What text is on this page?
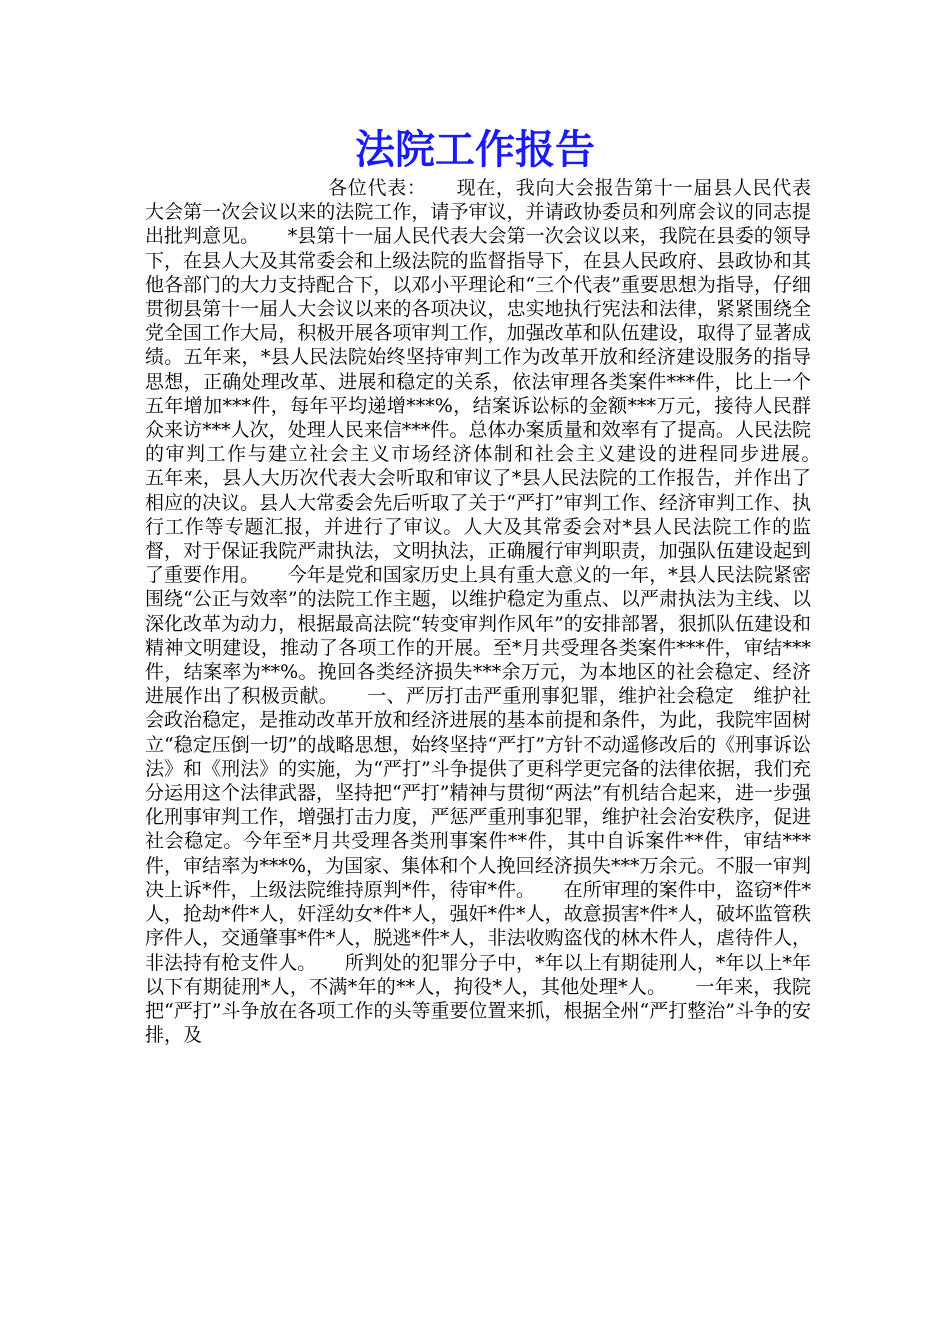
法院工作报告

各位代表：　　现在，我向大会报告第十一届县人民代表大会第一次会议以来的法院工作，请予审议，并请政协委员和列席会议的同志提出批判意见。　　*县第十一届人民代表大会第一次会议以来，我院在县委的领导下，在县人大及其常委会和上级法院的监督指导下，在县人民政府、县政协和其他各部门的大力支持配合下，以邓小平理论和“三个代表”重要思想为指导，仔细贯彻县第十一届人大会议以来的各项决议，忠实地执行宪法和法律，紧紧围绕全党全国工作大局，积极开展各项审判工作，加强改革和队伍建设，取得了显著成绩。五年来，*县人民法院始终坚持审判工作为改革开放和经济建设服务的指导思想，正确处理改革、进展和稳定的关系，依法审理各类案件***件，比上一个五年增加***件，每年平均递增***%，结案诉讼标的金额***万元，接待人民群众来访***人次，处理人民来信***件。总体办案质量和效率有了提高。人民法院的审判工作与建立社会主义市场经济体制和社会主义建设的进程同步进展。　　五年来，县人大历次代表大会听取和审议了*县人民法院的工作报告，并作出了相应的决议。县人大常委会先后听取了关于“严打”审判工作、经济审判工作、执行工作等专题汇报，并进行了审议。人大及其常委会对*县人民法院工作的监督，对于保证我院严肃执法，文明执法，正确履行审判职责，加强队伍建设起到了重要作用。　　今年是党和国家历史上具有重大意义的一年，*县人民法院紧密围绕“公正与效率”的法院工作主题，以维护稳定为重点、以严肃执法为主线、以深化改革为动力，根据最高法院“转变审判作风年”的安排部署，狠抓队伍建设和精神文明建设，推动了各项工作的开展。至*月共受理各类案件***件，审结***件，结案率为**%。挽回各类经济损失***余万元，为本地区的社会稳定、经济进展作出了积极贡献。　　一、严厉打击严重刑事犯罪，维护社会稳定　维护社会政治稳定，是推动改革开放和经济进展的基本前提和条件，为此，我院牢固树立“稳定压倒一切”的战略思想，始终坚持“严打”方针不动遥修改后的《刑事诉讼法》和《刑法》的实施，为“严打”斗争提供了更科学更完备的法律依据，我们充分运用这个法律武器，坚持把“严打”精神与贯彻“两法”有机结合起来，进一步强化刑事审判工作，增强打击力度，严惩严重刑事犯罪，维护社会治安秩序，促进社会稳定。今年至*月共受理各类刑事案件**件，其中自诉案件**件，审结***件，审结率为***%，为国家、集体和个人挽回经济损失***万余元。不服一审判决上诉*件，上级法院维持原判*件，待审*件。　　在所审理的案件中，盗窃*件*人，抢劫*件*人，奸淫幼女*件*人，强奸*件*人，故意损害*件*人，破坏监管秩序件人，交通肇事*件*人，脱逃*件*人，非法收购盗伐的林木件人，虐待件人，非法持有枪支件人。　　所判处的犯罪分子中，*年以上有期徒刑人，*年以上*年以下有期徒刑*人，不满*年的**人，拘役*人，其他处理*人。　　一年来，我院把“严打”斗争放在各项工作的头等重要位置来抓，根据全州“严打整治”斗争的安排，及
